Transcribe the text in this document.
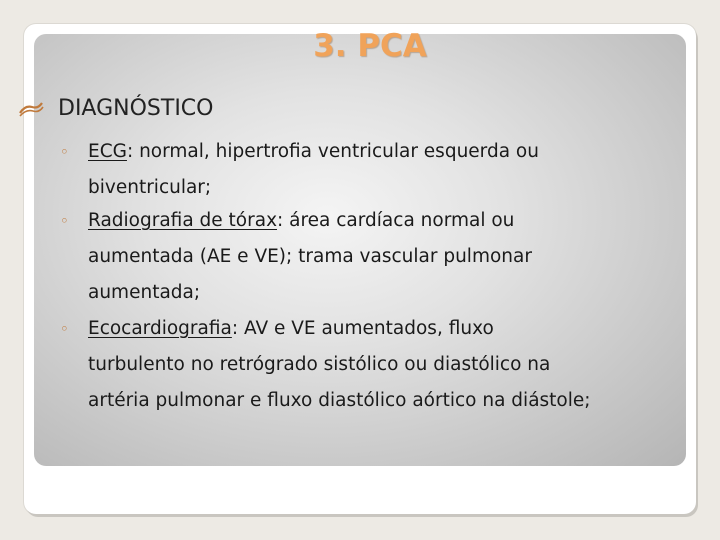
3. PCA
DIAGNÓSTICO
◦ ECG: normal, hipertrofia ventricular esquerda ou
biventricular;
◦ Radiografia de tórax: área cardíaca normal ou
aumentada (AE e VE); trama vascular pulmonar
aumentada;
◦ Ecocardiografia: AV e VE aumentados, fluxo
turbulento no retrógrado sistólico ou diastólico na
artéria pulmonar e fluxo diastólico aórtico na diástole;
